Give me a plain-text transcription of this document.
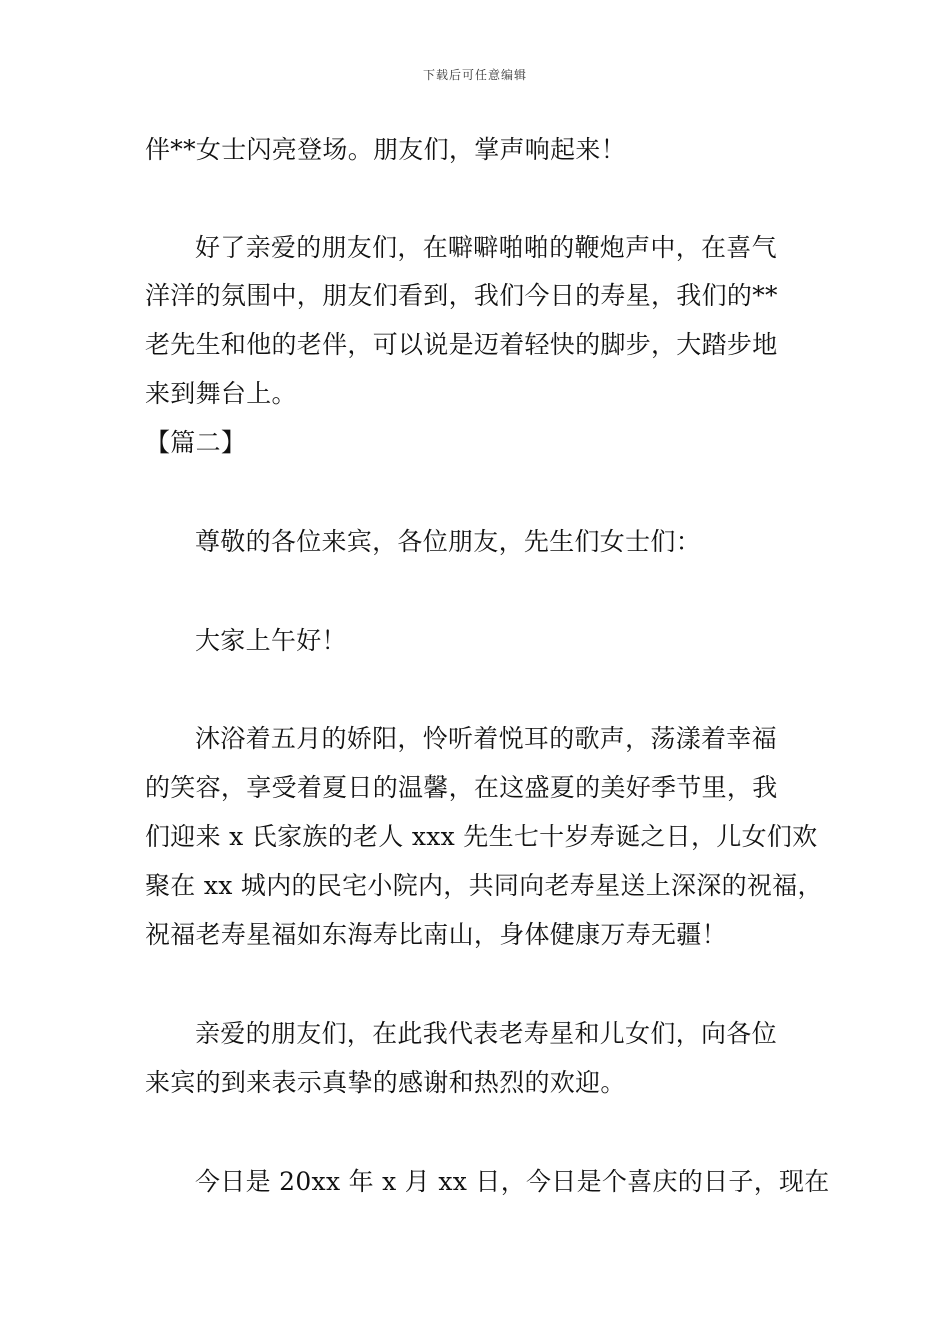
下载后可任意编辑
伴**女士闪亮登场。朋友们，掌声响起来！
好了亲爱的朋友们，在噼噼啪啪的鞭炮声中，在喜气
洋洋的氛围中，朋友们看到，我们今日的寿星，我们的**
老先生和他的老伴，可以说是迈着轻快的脚步，大踏步地
来到舞台上。
【篇二】
尊敬的各位来宾，各位朋友，先生们女士们：
大家上午好！
沐浴着五月的娇阳，怜听着悦耳的歌声，荡漾着幸福
的笑容，享受着夏日的温馨，在这盛夏的美好季节里，我
们迎来 x 氏家族的老人 xxx 先生七十岁寿诞之日，儿女们欢
聚在 xx 城内的民宅小院内，共同向老寿星送上深深的祝福，
祝福老寿星福如东海寿比南山，身体健康万寿无疆！
亲爱的朋友们，在此我代表老寿星和儿女们，向各位
来宾的到来表示真挚的感谢和热烈的欢迎。
今日是 20xx 年 x 月 xx 日，今日是个喜庆的日子，现在
